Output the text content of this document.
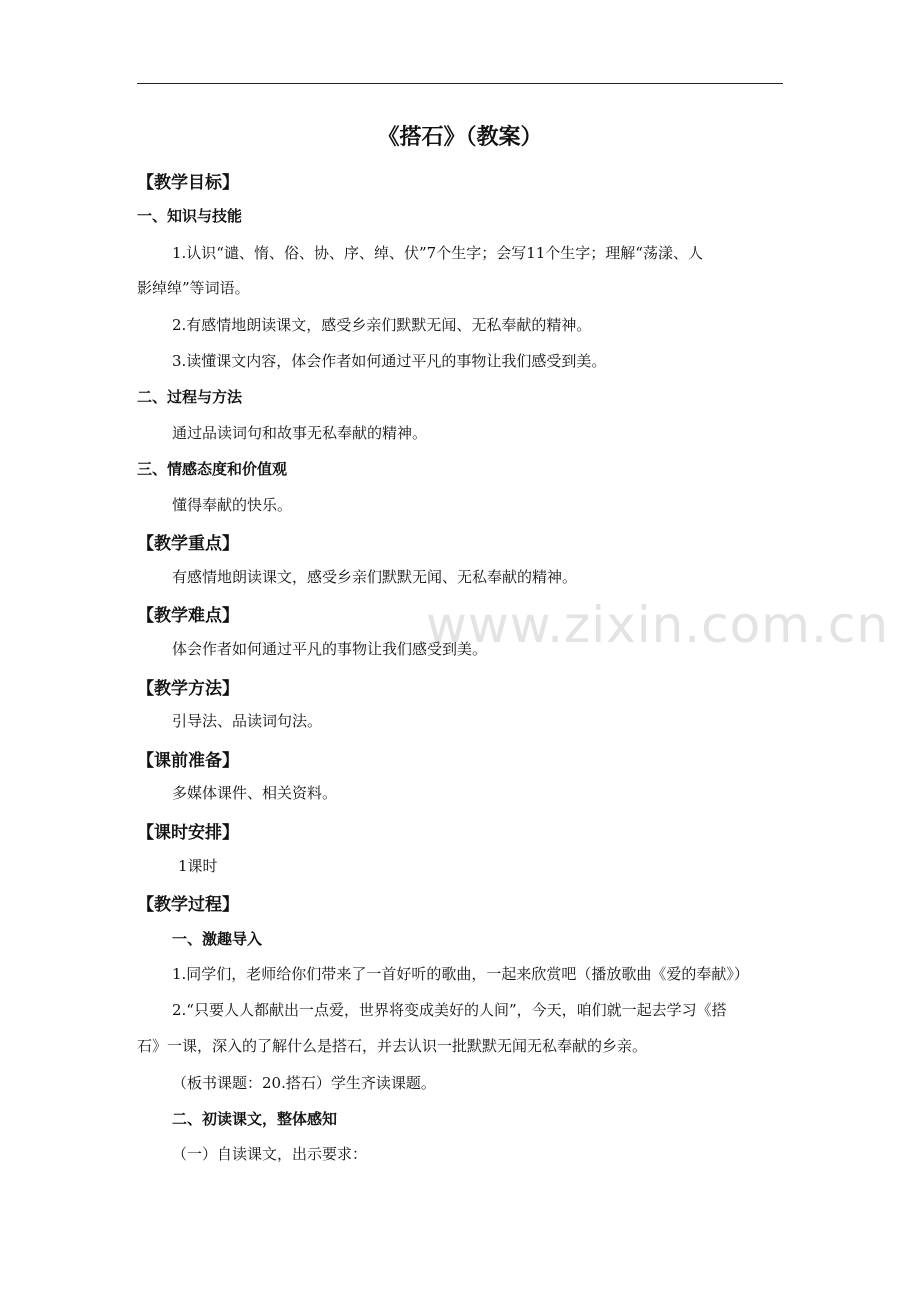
www.zixin.com.cn
《搭石》（教案）
【教学目标】
一、知识与技能
1.认识“谴、惰、俗、协、序、绰、伏”7个生字；会写11个生字；理解“荡漾、人
影绰绰”等词语。
2.有感情地朗读课文，感受乡亲们默默无闻、无私奉献的精神。
3.读懂课文内容，体会作者如何通过平凡的事物让我们感受到美。
二、过程与方法
通过品读词句和故事无私奉献的精神。
三、情感态度和价值观
懂得奉献的快乐。
【教学重点】
有感情地朗读课文，感受乡亲们默默无闻、无私奉献的精神。
【教学难点】
体会作者如何通过平凡的事物让我们感受到美。
【教学方法】
引导法、品读词句法。
【课前准备】
多媒体课件、相关资料。
【课时安排】
1课时
【教学过程】
一、激趣导入
1.同学们，老师给你们带来了一首好听的歌曲，一起来欣赏吧（播放歌曲《爱的奉献》）
2.“只要人人都献出一点爱，世界将变成美好的人间”，今天，咱们就一起去学习《搭
石》一课，深入的了解什么是搭石，并去认识一批默默无闻无私奉献的乡亲。
（板书课题：20.搭石）学生齐读课题。
二、初读课文，整体感知
（一）自读课文，出示要求：
